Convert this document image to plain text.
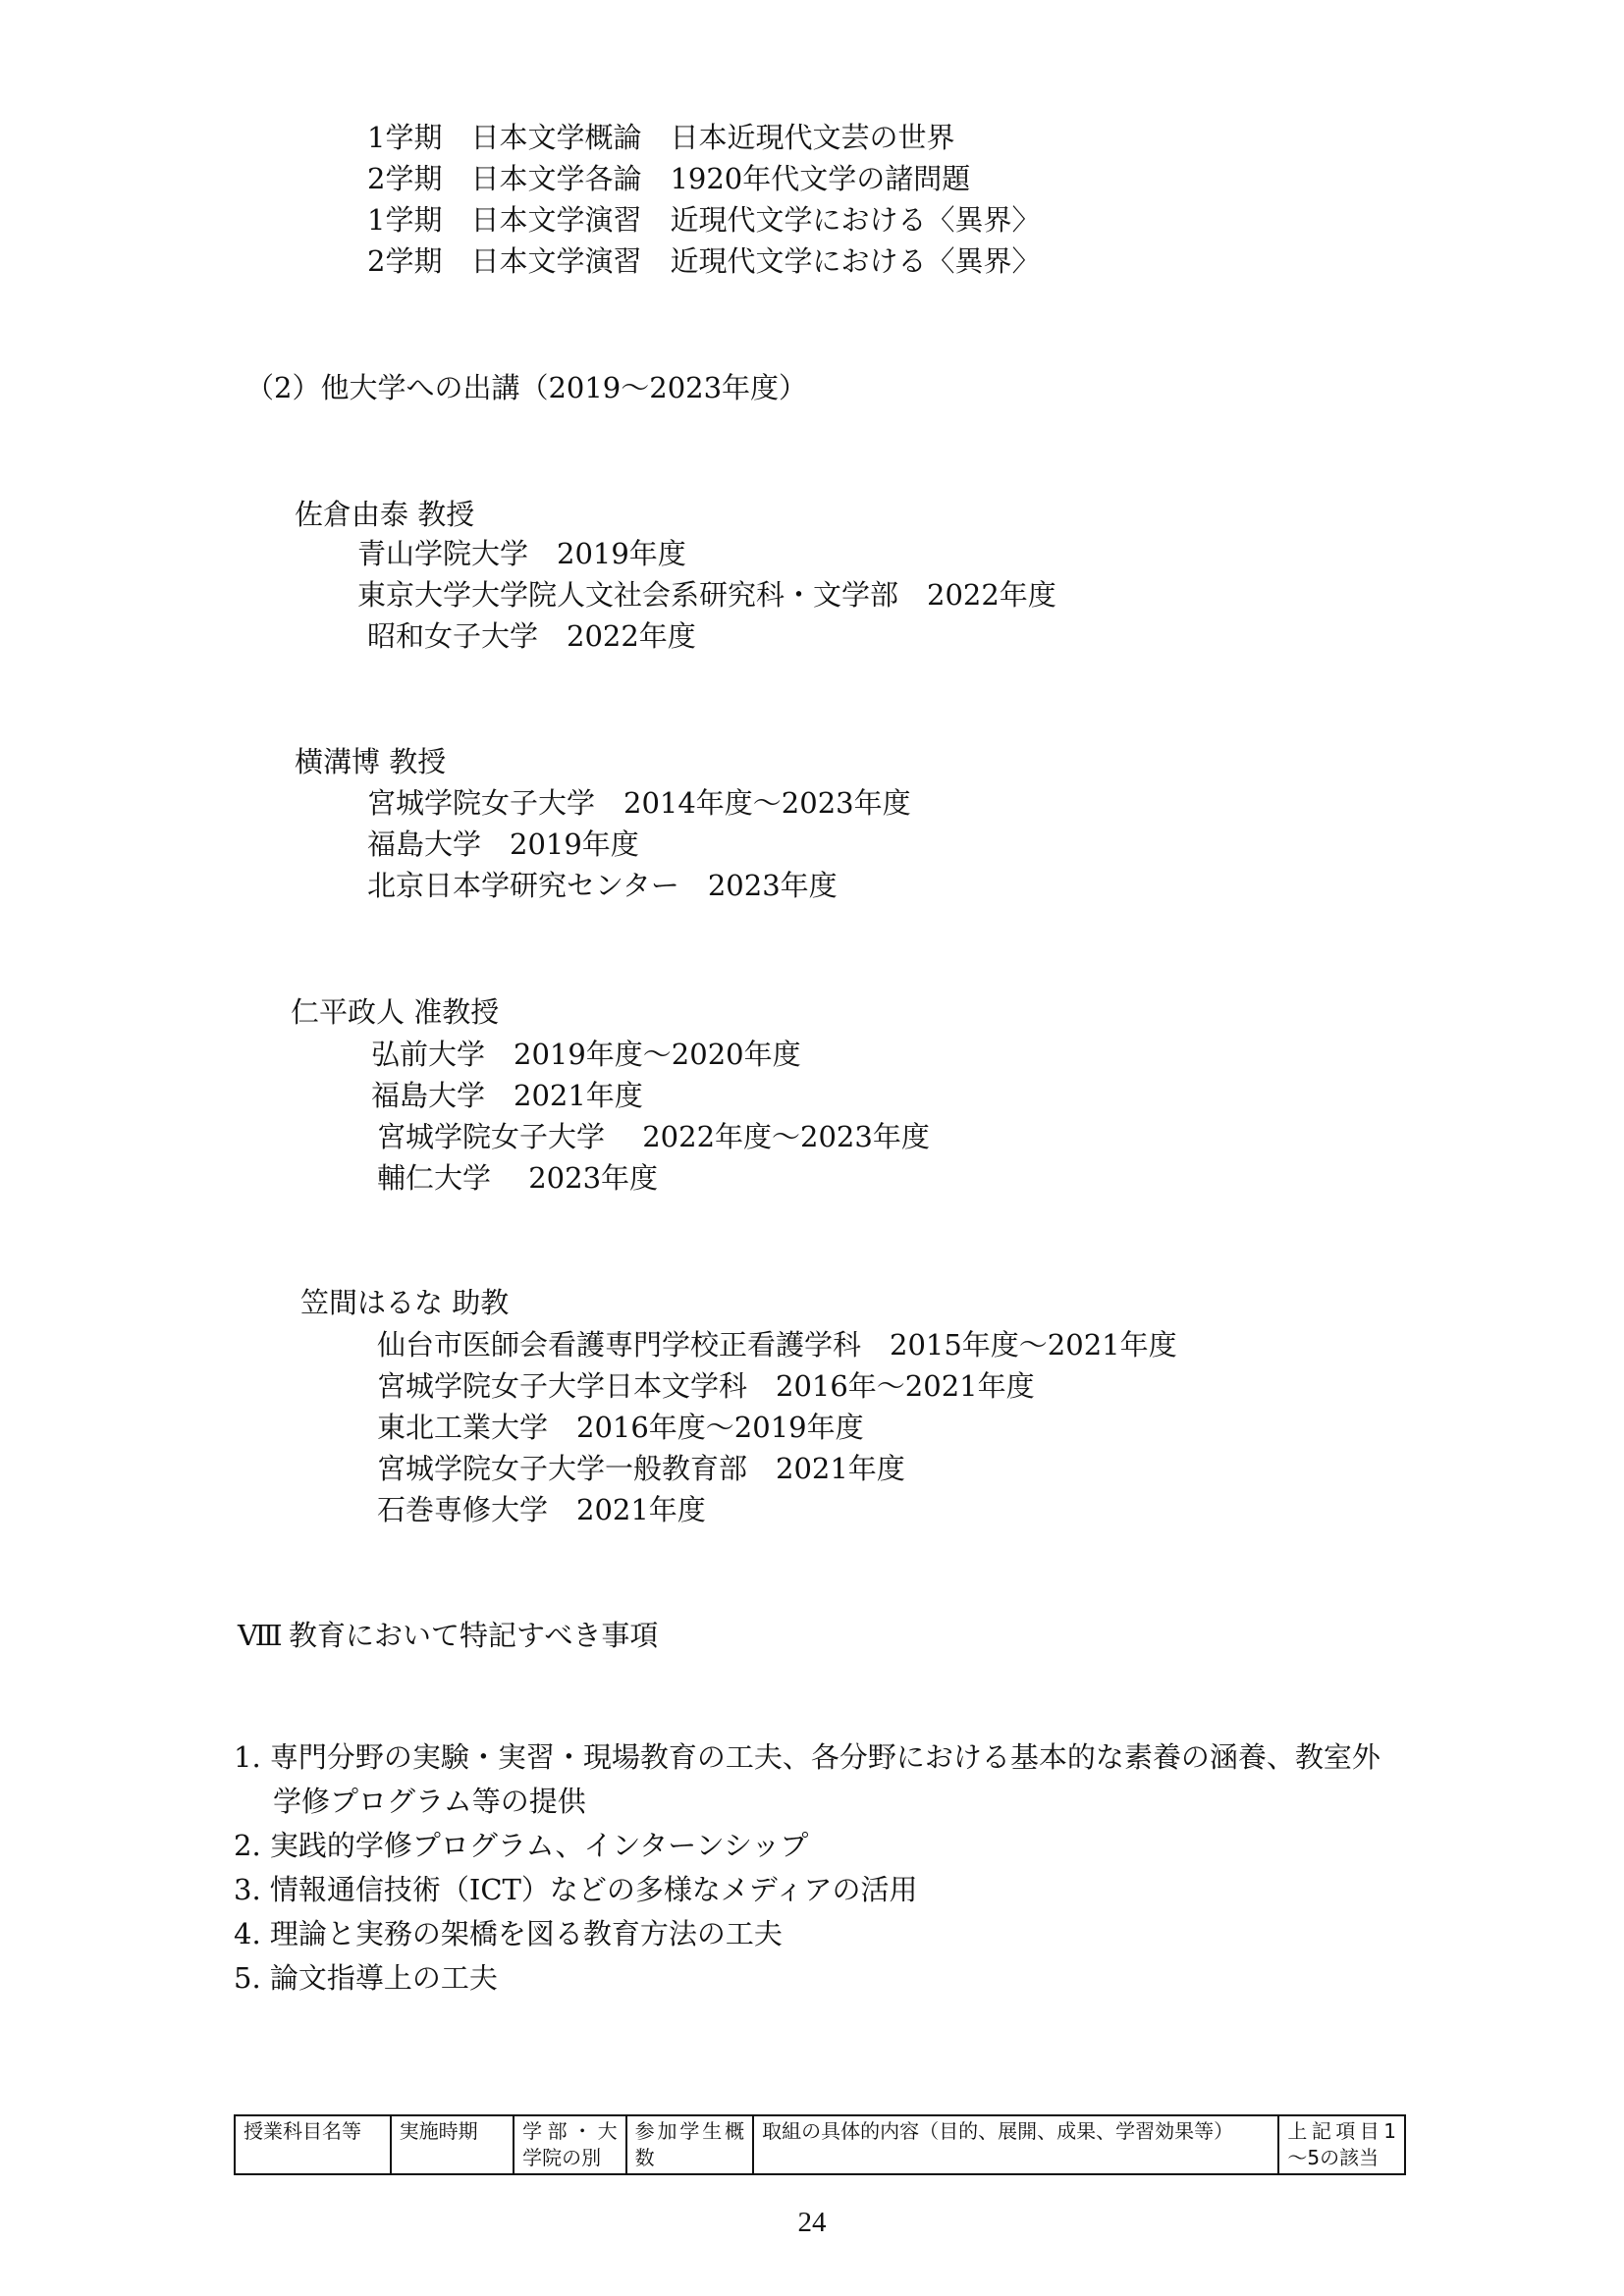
1学期　日本文学概論　日本近現代文芸の世界
2学期　日本文学各論　1920年代文学の諸問題
1学期　日本文学演習　近現代文学における〈異界〉
2学期　日本文学演習　近現代文学における〈異界〉
（2）他大学への出講（2019～2023年度）
佐倉由泰 教授
青山学院大学　2019年度
東京大学大学院人文社会系研究科・文学部　2022年度
昭和女子大学　2022年度
横溝博 教授
宮城学院女子大学　2014年度～2023年度
福島大学　2019年度
北京日本学研究センター　2023年度
仁平政人 准教授
弘前大学　2019年度～2020年度
福島大学　2021年度
宮城学院女子大学　 2022年度～2023年度
輔仁大学　 2023年度
笠間はるな 助教
仙台市医師会看護専門学校正看護学科　2015年度～2021年度
宮城学院女子大学日本文学科　2016年～2021年度
東北工業大学　2016年度～2019年度
宮城学院女子大学一般教育部　2021年度
石巻専修大学　2021年度
Ⅷ 教育において特記すべき事項
1. 専門分野の実験・実習・現場教育の工夫、各分野における基本的な素養の涵養、教室外
学修プログラム等の提供
2. 実践的学修プログラム、インターンシップ
3. 情報通信技術（ICT）などの多様なメディアの活用
4. 理論と実務の架橋を図る教育方法の工夫
5. 論文指導上の工夫
授業科目名等	実施時期	学部・大学院の別	参加学生概数	取組の具体的内容（目的、展開、成果、学習効果等）	上記項目1～5の該当
24
